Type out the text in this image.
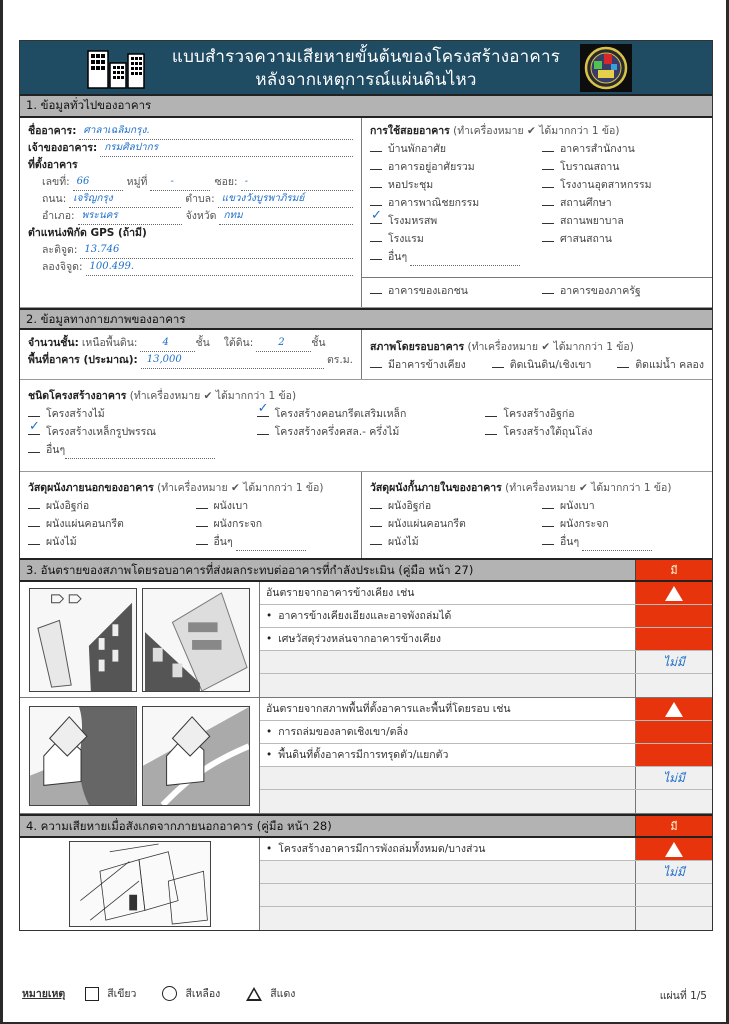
แบบสำรวจความเสียหายขั้นต้นของโครงสร้างอาคาร
หลังจากเหตุการณ์แผ่นดินไหว
1. ข้อมูลทั่วไปของอาคาร
ชื่ออาคาร: ศาลาเฉลิมกรุง.
เจ้าของอาคาร: กรมศิลปากร
ที่ตั้งอาคาร
เลขที่: 66	หมู่ที่ -	ซอย: -
ถนน: เจริญกรุง	ตำบล: แขวงวังบูรพาภิรมย์
อำเภอ: พระนคร	จังหวัด กทม
ตำแหน่งพิกัด GPS (ถ้ามี)
ละติจูด: 13.746
ลองจิจูด: 100.499.
การใช้สอยอาคาร (ทำเครื่องหมาย ✔ ได้มากกว่า 1 ข้อ)
บ้านพักอาศัย	อาคารสำนักงาน
อาคารอยู่อาศัยรวม	โบราณสถาน
หอประชุม	โรงงานอุตสาหกรรม
อาคารพาณิชยกรรม	สถานศึกษา
✓โรงมหรสพ	สถานพยาบาล
โรงแรม	ศาสนสถาน
อื่นๆ
อาคารของเอกชน	อาคารของภาครัฐ
2. ข้อมูลทางกายภาพของอาคาร
จำนวนชั้น: เหนือพื้นดิน:	4	ชั้น ใต้ดิน:	2	ชั้น
พื้นที่อาคาร (ประมาณ): 13,000	ตร.ม.
สภาพโดยรอบอาคาร (ทำเครื่องหมาย ✔ ได้มากกว่า 1 ข้อ)
มีอาคารข้างเคียง	ติดเนินดิน/เชิงเขา	ติดแม่น้ำ คลอง
ชนิดโครงสร้างอาคาร (ทำเครื่องหมาย ✔ ได้มากกว่า 1 ข้อ)
โครงสร้างไม้ ✓	โครงสร้างคอนกรีตเสริมเหล็ก	โครงสร้างอิฐก่อ
✓โครงสร้างเหล็กรูปพรรณ	โครงสร้างครึ่งคสล.- ครึ่งไม้	โครงสร้างใต้ถุนโล่ง
อื่นๆ
วัสดุผนังภายนอกของอาคาร (ทำเครื่องหมาย ✔ ได้มากกว่า 1 ข้อ)
ผนังอิฐก่อ	ผนังเบา
ผนังแผ่นคอนกรีต	ผนังกระจก
ผนังไม้	อื่นๆ
วัสดุผนังกั้นภายในของอาคาร (ทำเครื่องหมาย ✔ ได้มากกว่า 1 ข้อ)
ผนังอิฐก่อ	ผนังเบา
ผนังแผ่นคอนกรีต	ผนังกระจก
ผนังไม้	อื่นๆ
3. อันตรายของสภาพโดยรอบอาคารที่ส่งผลกระทบต่ออาคารที่กำลังประเมิน (คู่มือ หน้า 27)	มี
อันตรายจากอาคารข้างเคียง เช่น
• อาคารข้างเคียงเอียงและอาจพังถล่มได้
• เศษวัสดุร่วงหล่นจากอาคารข้างเคียง
ไม่มี
อันตรายจากสภาพพื้นที่ตั้งอาคารและพื้นที่โดยรอบ เช่น
• การถล่มของลาดเชิงเขา/ตลิ่ง
• พื้นดินที่ตั้งอาคารมีการทรุดตัว/แยกตัว
ไม่มี
4. ความเสียหายเมื่อสังเกตจากภายนอกอาคาร (คู่มือ หน้า 28)	มี
• โครงสร้างอาคารมีการพังถล่มทั้งหมด/บางส่วน
ไม่มี
หมายเหตุ	สีเขียว	สีเหลือง	สีแดง	แผ่นที่ 1/5
